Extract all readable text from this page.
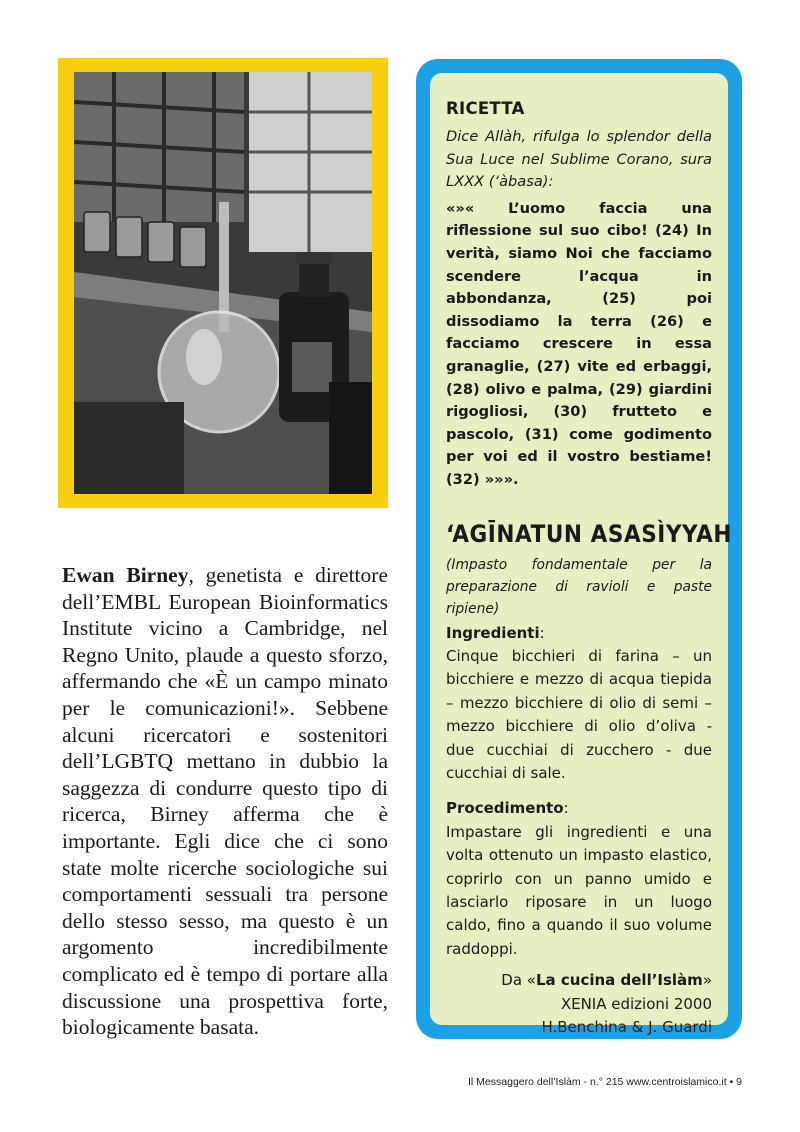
Ewan Birney, genetista e direttore dell’EMBL European Bioinformatics Institute vicino a Cambridge, nel Regno Unito, plaude a questo sforzo, affermando che «È un campo minato per le comunicazioni!». Sebbene alcuni ricercatori e sostenitori dell’LGBTQ mettano in dubbio la saggezza di condurre questo tipo di ricerca, Birney afferma che è importante. Egli dice che ci sono state molte ricerche sociologiche sui comportamenti sessuali tra persone dello stesso sesso, ma questo è un argomento incredibilmente complicato ed è tempo di portare alla discussione una prospettiva forte, biologicamente basata.
RICETTA

Dice Allàh, rifulga lo splendor della Sua Luce nel Sublime Corano, sura LXXX (‘àbasa):

«»« L’uomo faccia una riflessione sul suo cibo! (24) In verità, siamo Noi che facciamo scendere l’acqua in abbondanza, (25) poi dissodiamo la terra (26) e facciamo crescere in essa granaglie, (27) vite ed erbaggi, (28) olivo e palma, (29) giardini rigogliosi, (30) frutteto e pascolo, (31) come godimento per voi ed il vostro bestiame! (32) »»».

‘AGĪNATUN ASASÌYYAH

(Impasto fondamentale per la preparazione di ravioli e paste ripiene)

Ingredienti:

Cinque bicchieri di farina – un bicchiere e mezzo di acqua tiepida – mezzo bicchiere di olio di semi – mezzo bicchiere di olio d’oliva - due cucchiai di zucchero - due cucchiai di sale.

Procedimento:

Impastare gli ingredienti e una volta ottenuto un impasto elastico, coprirlo con un panno umido e lasciarlo riposare in un luogo caldo, fino a quando il suo volume raddoppi.

Da «La cucina dell’Islàm»
XENIA edizioni 2000
H.Benchina & J. Guardi
Il Messaggero dell’Islàm - n.° 215 www.centroislamico.it • 9
